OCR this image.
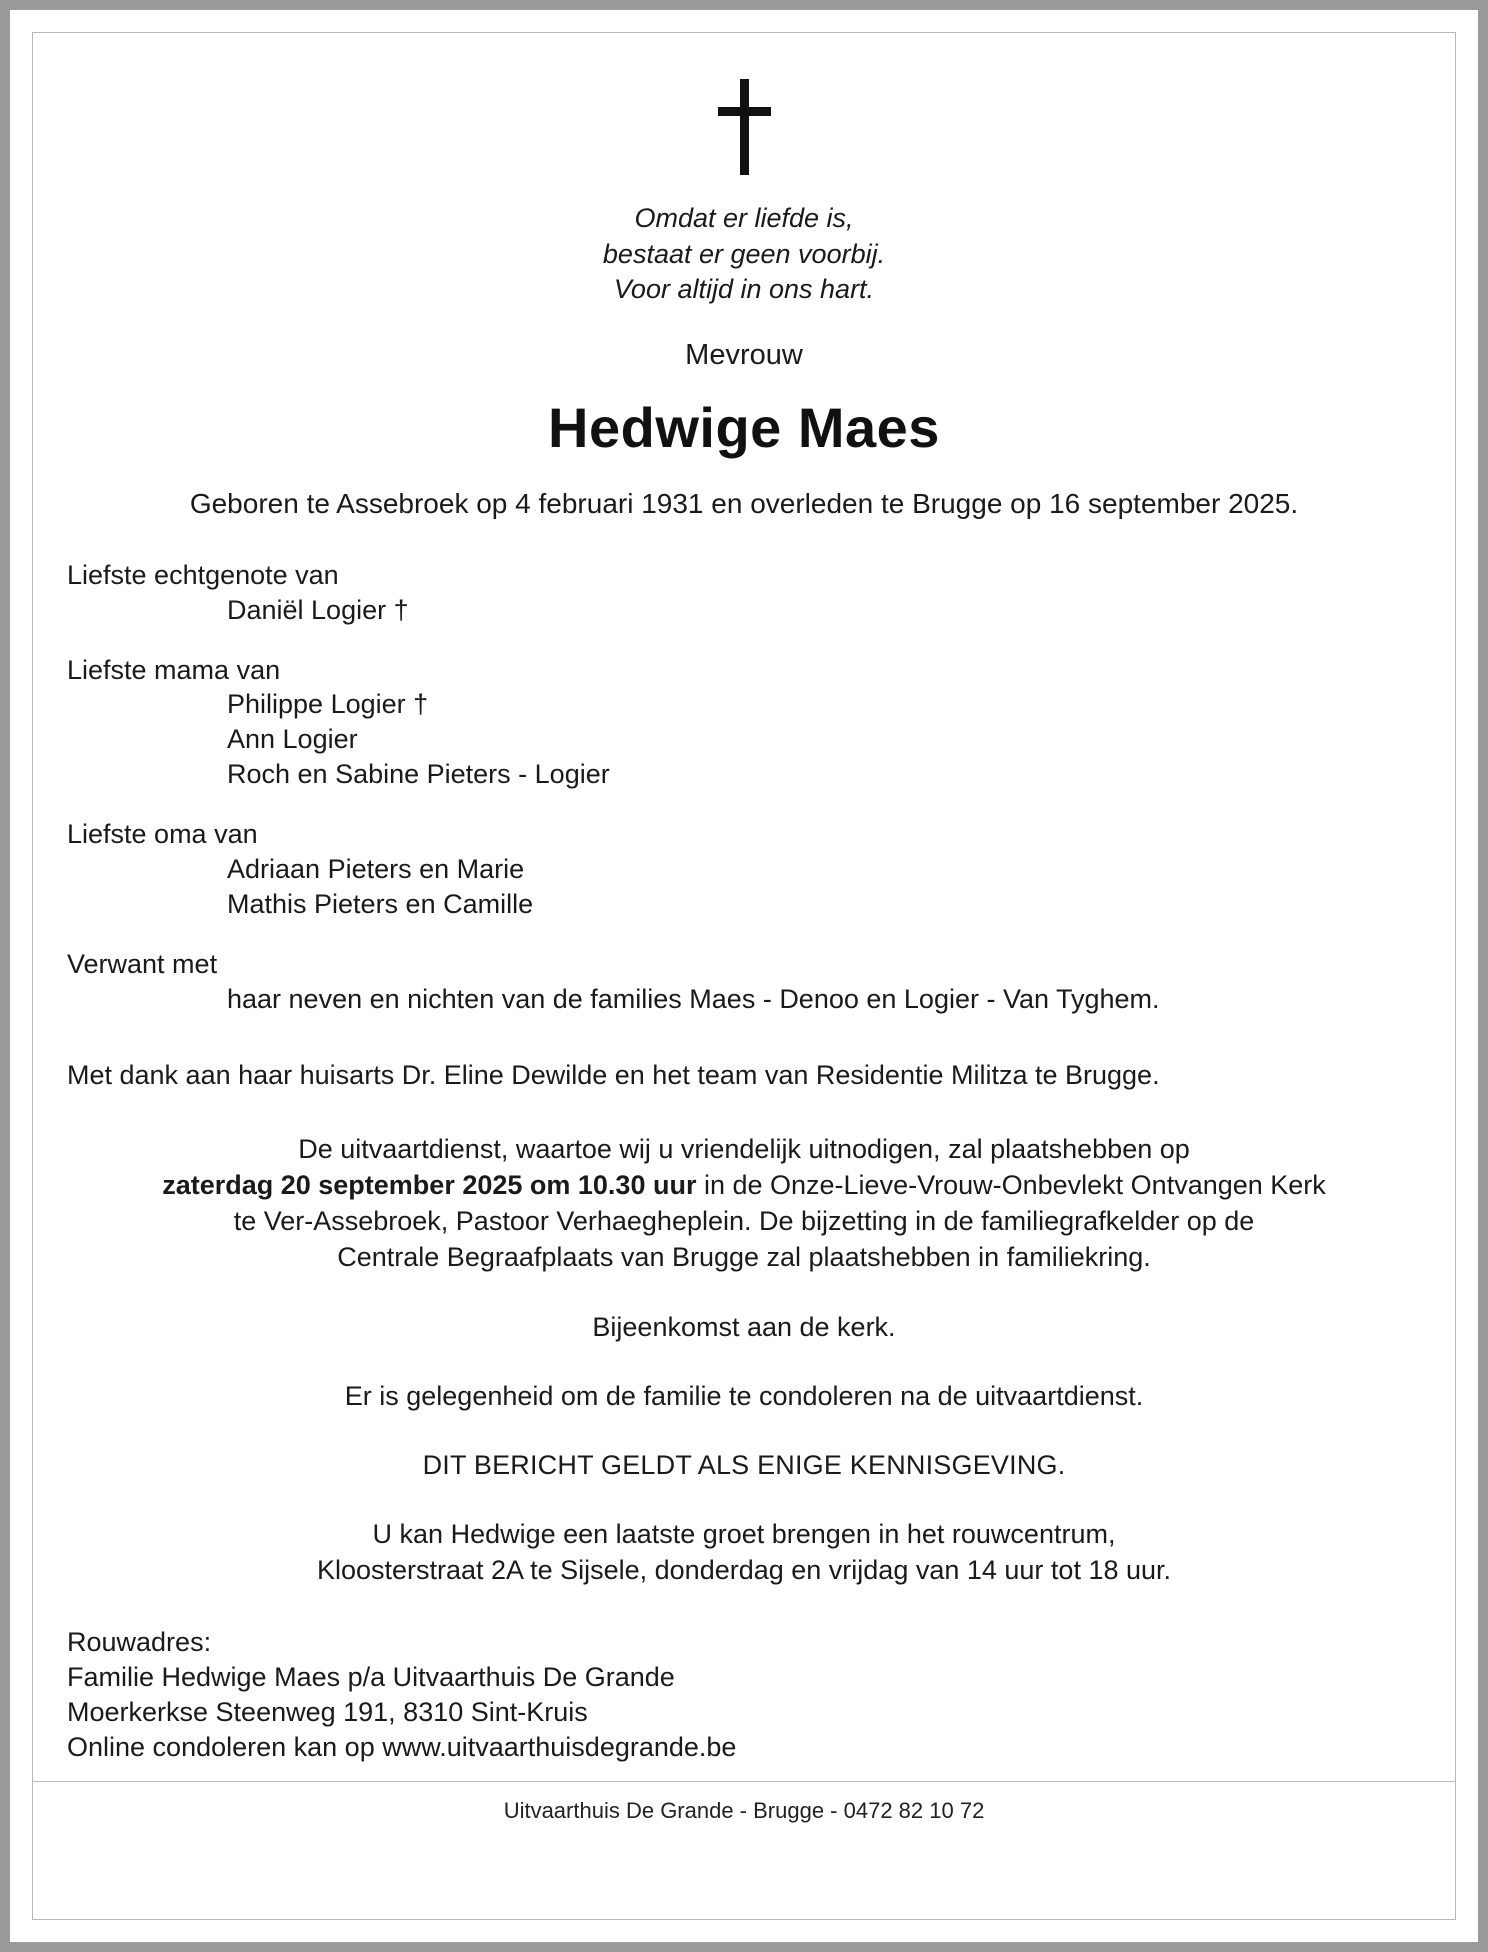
Omdat er liefde is,
bestaat er geen voorbij.
Voor altijd in ons hart.
Mevrouw
Hedwige Maes
Geboren te Assebroek op 4 februari 1931 en overleden te Brugge op 16 september 2025.
Liefste echtgenote van
Daniël Logier †
Liefste mama van
Philippe Logier †
Ann Logier
Roch en Sabine Pieters - Logier
Liefste oma van
Adriaan Pieters en Marie
Mathis Pieters en Camille
Verwant met
haar neven en nichten van de families Maes - Denoo en Logier - Van Tyghem.
Met dank aan haar huisarts Dr. Eline Dewilde en het team van Residentie Militza te Brugge.
De uitvaartdienst, waartoe wij u vriendelijk uitnodigen, zal plaatshebben op
zaterdag 20 september 2025 om 10.30 uur in de Onze-Lieve-Vrouw-Onbevlekt Ontvangen Kerk
te Ver-Assebroek, Pastoor Verhaegheplein. De bijzetting in de familiegrafkelder op de
Centrale Begraafplaats van Brugge zal plaatshebben in familiekring.
Bijeenkomst aan de kerk.
Er is gelegenheid om de familie te condoleren na de uitvaartdienst.
DIT BERICHT GELDT ALS ENIGE KENNISGEVING.
U kan Hedwige een laatste groet brengen in het rouwcentrum,
Kloosterstraat 2A te Sijsele, donderdag en vrijdag van 14 uur tot 18 uur.
Rouwadres:
Familie Hedwige Maes p/a Uitvaarthuis De Grande
Moerkerkse Steenweg 191, 8310 Sint-Kruis
Online condoleren kan op www.uitvaarthuisdegrande.be
Uitvaarthuis De Grande - Brugge - 0472 82 10 72
